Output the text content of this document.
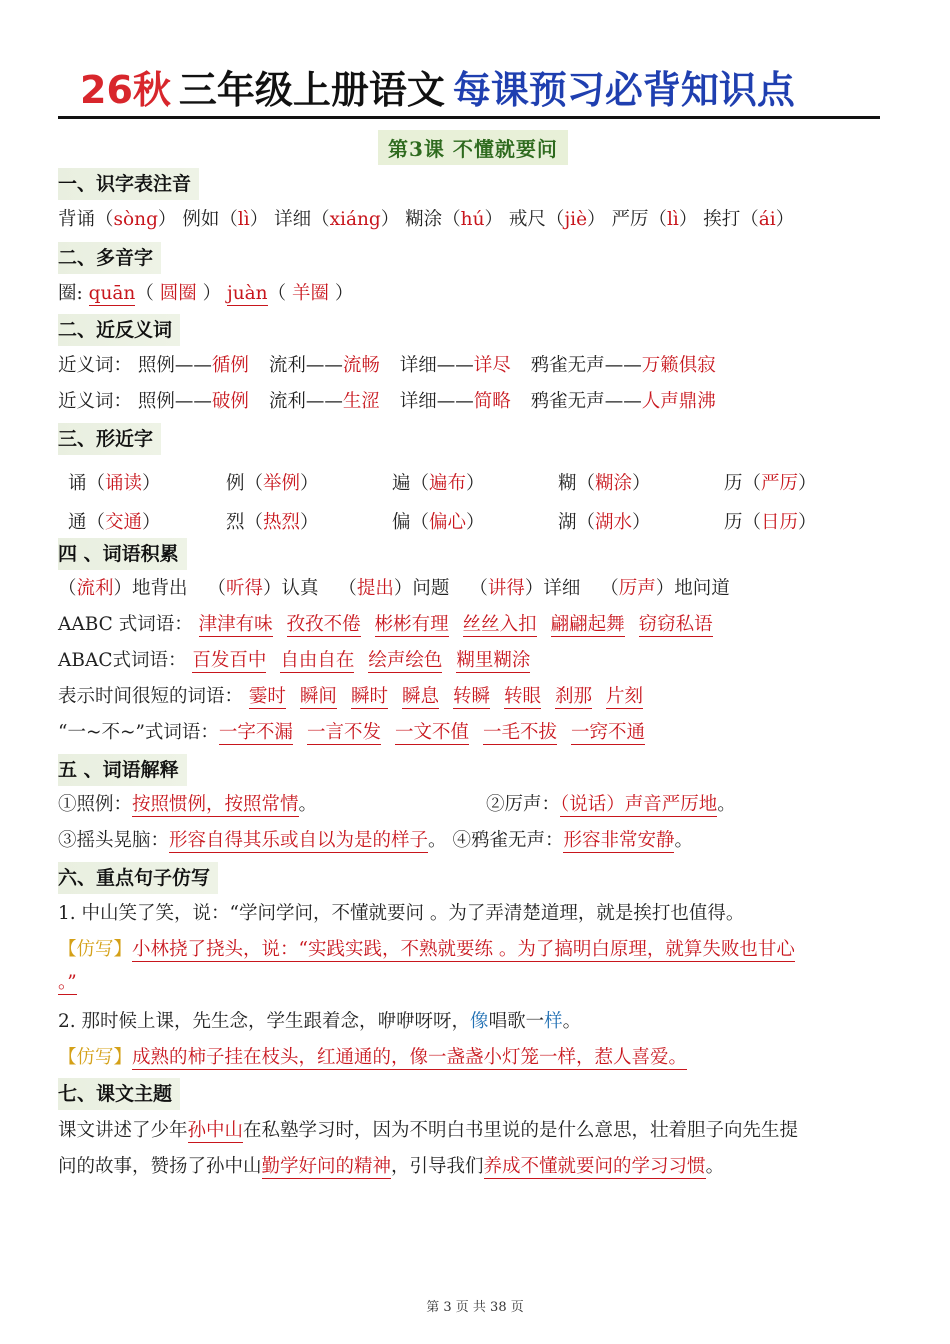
26秋 三年级上册语文 每课预习必背知识点
第3课 不懂就要问
一、识字表注音
背诵（sòng） 例如（lì） 详细（xiáng） 糊涂（hú） 戒尺（jiè） 严厉（lì） 挨打（ái）
二、多音字
圈: quān（ 圆圈 ） juàn（ 羊圈 ）
二、近反义词
近义词： 照例——循例 流利——流畅 详细——详尽 鸦雀无声——万籁俱寂
近义词： 照例——破例 流利——生涩 详细——简略 鸦雀无声——人声鼎沸
三、形近字
诵（诵读）	例（举例）	遍（遍布）	糊（糊涂）	历（严厉）
通（交通）	烈（热烈）	偏（偏心）	湖（湖水）	历（日历）
四 、词语积累
（流利）地背出 （听得）认真 （提出）问题 （讲得）详细 （厉声）地问道
AABC 式词语： 津津有味 孜孜不倦 彬彬有理 丝丝入扣 翩翩起舞 窃窃私语
ABAC式词语： 百发百中 自由自在 绘声绘色 糊里糊涂
表示时间很短的词语： 霎时 瞬间 瞬时 瞬息 转瞬 转眼 刹那 片刻
“一~不~”式词语：一字不漏 一言不发 一文不值 一毛不拔 一窍不通
五 、词语解释
①照例：按照惯例，按照常情。	②厉声：（说话）声音严厉地。
③摇头晃脑：形容自得其乐或自以为是的样子。 ④鸦雀无声：形容非常安静。
六、重点句子仿写
1. 中山笑了笑，说：“学问学问，不懂就要问 。为了弄清楚道理，就是挨打也值得。
【仿写】小林挠了挠头，说：“实践实践，不熟就要练 。为了搞明白原理，就算失败也甘心
。”
2. 那时候上课，先生念，学生跟着念，咿咿呀呀，像唱歌一样。
【仿写】成熟的柿子挂在枝头，红通通的，像一盏盏小灯笼一样，惹人喜爱。
七、课文主题
课文讲述了少年孙中山在私塾学习时，因为不明白书里说的是什么意思，壮着胆子向先生提
问的故事，赞扬了孙中山勤学好问的精神，引导我们养成不懂就要问的学习习惯。
第 3 页 共 38 页
